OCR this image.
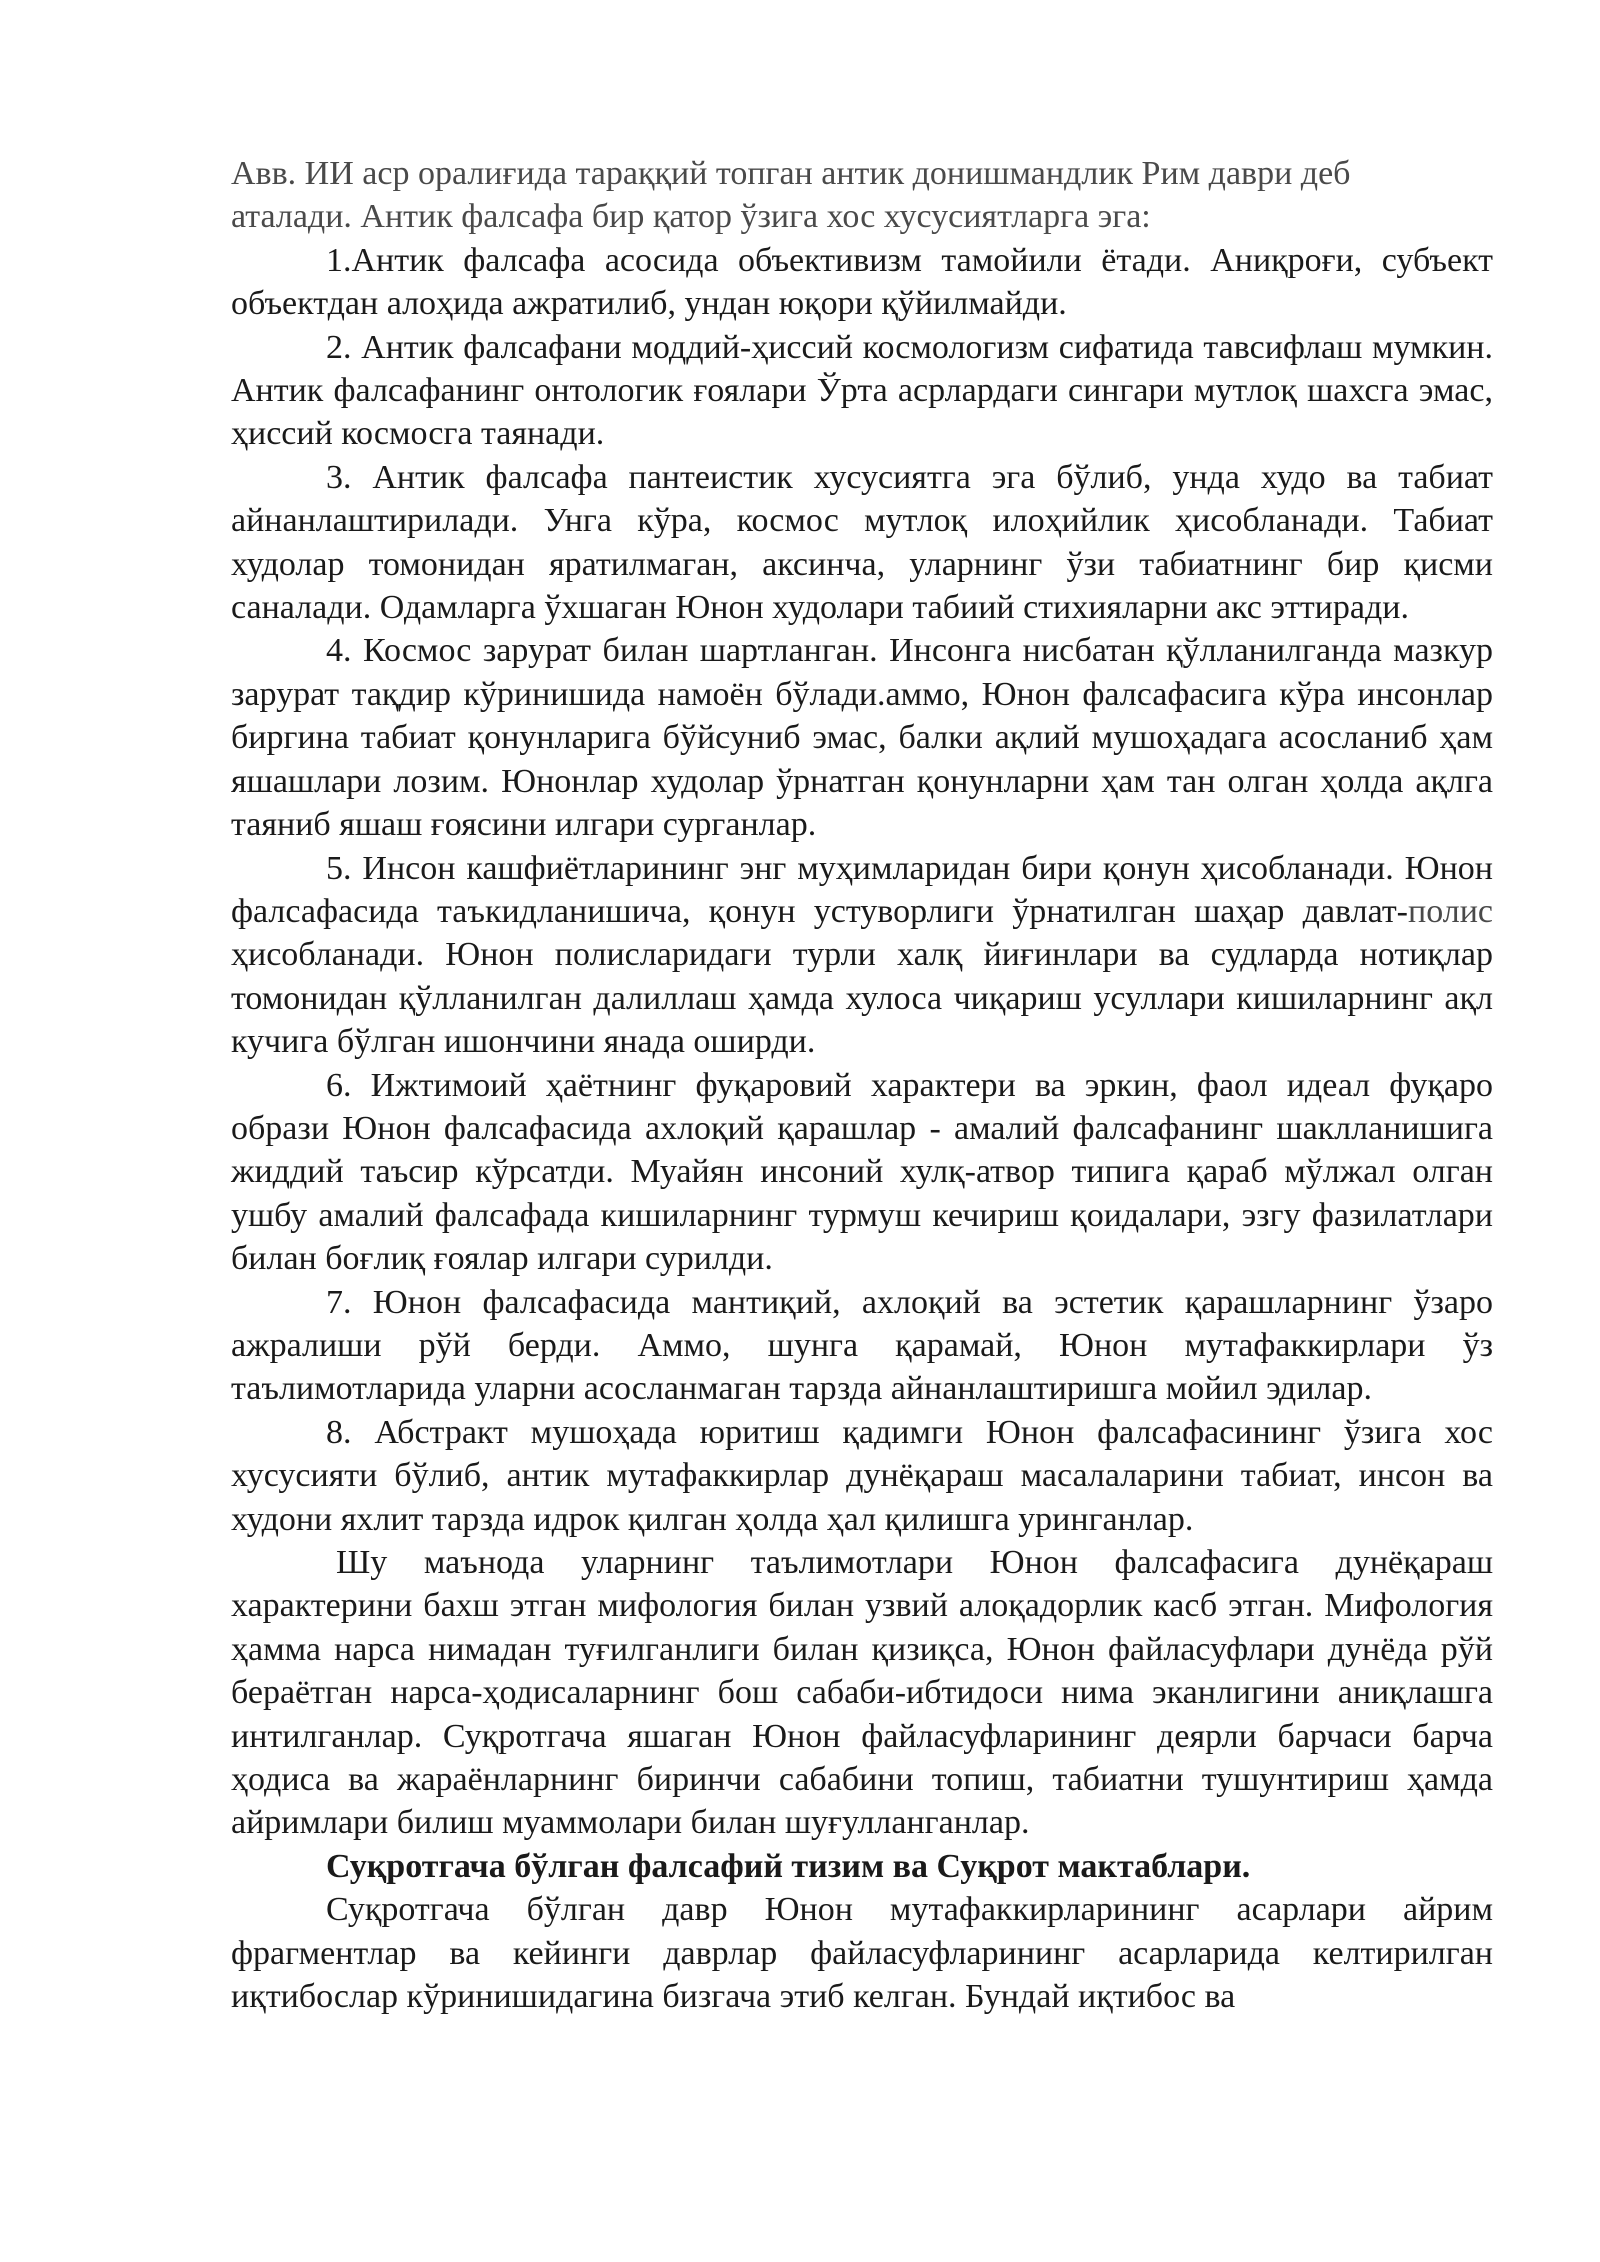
Авв. ИИ аср оралиғида тараққий топган антик донишмандлик Рим даври деб
аталади. Антик фалсафа бир қатор ўзига хос хусусиятларга эга:

1.Антик фалсафа асосида объективизм тамойили ётади. Аниқроғи, субъект объектдан алоҳида ажратилиб, ундан юқори қўйилмайди.

2. Антик фалсафани моддий-ҳиссий космологизм сифатида тавсифлаш мумкин. Антик фалсафанинг онтологик ғоялари Ўрта асрлардаги сингари мутлоқ шахсга эмас, ҳиссий космосга таянади.

3. Антик фалсафа пантеистик хусусиятга эга бўлиб, унда худо ва табиат айнанлаштирилади. Унга кўра, космос мутлоқ илоҳийлик ҳисобланади. Табиат худолар томонидан яратилмаган, аксинча, уларнинг ўзи табиатнинг бир қисми саналади. Одамларга ўхшаган Юнон худолари табиий стихияларни акс эттиради.

4. Космос зарурат билан шартланган. Инсонга нисбатан қўлланилганда мазкур зарурат тақдир кўринишида намоён бўлади.аммо, Юнон фалсафасига кўра инсонлар биргина табиат қонунларига бўйсуниб эмас, балки ақлий мушоҳадага асосланиб ҳам яшашлари лозим. Юнонлар худолар ўрнатган қонунларни ҳам тан олган ҳолда ақлга таяниб яшаш ғоясини илгари сурганлар.

5. Инсон кашфиётларининг энг муҳимларидан бири қонун ҳисобланади. Юнон фалсафасида таъкидланишича, қонун устуворлиги ўрнатилган шаҳар давлат-полис ҳисобланади. Юнон полисларидаги турли халқ йиғинлари ва судларда нотиқлар томонидан қўлланилган далиллаш ҳамда хулоса чиқариш усуллари кишиларнинг ақл кучига бўлган ишончини янада оширди.

6. Ижтимоий ҳаётнинг фуқаровий характери ва эркин, фаол идеал фуқаро образи Юнон фалсафасида ахлоқий қарашлар - амалий фалсафанинг шаклланишига жиддий таъсир кўрсатди. Муайян инсоний хулқ-атвор типига қараб мўлжал олган ушбу амалий фалсафада кишиларнинг турмуш кечириш қоидалари, эзгу фазилатлари билан боғлиқ ғоялар илгари сурилди.

7. Юнон фалсафасида мантиқий, ахлоқий ва эстетик қарашларнинг ўзаро ажралиши рўй берди. Аммо, шунга қарамай, Юнон мутафаккирлари ўз таълимотларида уларни асосланмаган тарзда айнанлаштиришга мойил эдилар.

8. Абстракт мушоҳада юритиш қадимги Юнон фалсафасининг ўзига хос хусусияти бўлиб, антик мутафаккирлар дунёқараш масалаларини табиат, инсон ва худони яхлит тарзда идрок қилган ҳолда ҳал қилишга уринганлар.

Шу маънода уларнинг таълимотлари Юнон фалсафасига дунёқараш характерини бахш этган мифология билан узвий алоқадорлик касб этган. Мифология ҳамма нарса нимадан туғилганлиги билан қизиқса, Юнон файласуфлари дунёда рўй бераётган нарса-ҳодисаларнинг бош сабаби-ибтидоси нима эканлигини аниқлашга интилганлар. Суқротгача яшаган Юнон файласуфларининг деярли барчаси барча ҳодиса ва жараёнларнинг биринчи сабабини топиш, табиатни тушунтириш ҳамда айримлари билиш муаммолари билан шуғулланганлар.

Суқротгача бўлган фалсафий тизим ва Суқрот мактаблари.

Суқротгача бўлган давр Юнон мутафаккирларининг асарлари айрим фрагментлар ва кейинги даврлар файласуфларининг асарларида келтирилган иқтибослар кўринишидагина бизгача этиб келган. Бундай иқтибос ва
